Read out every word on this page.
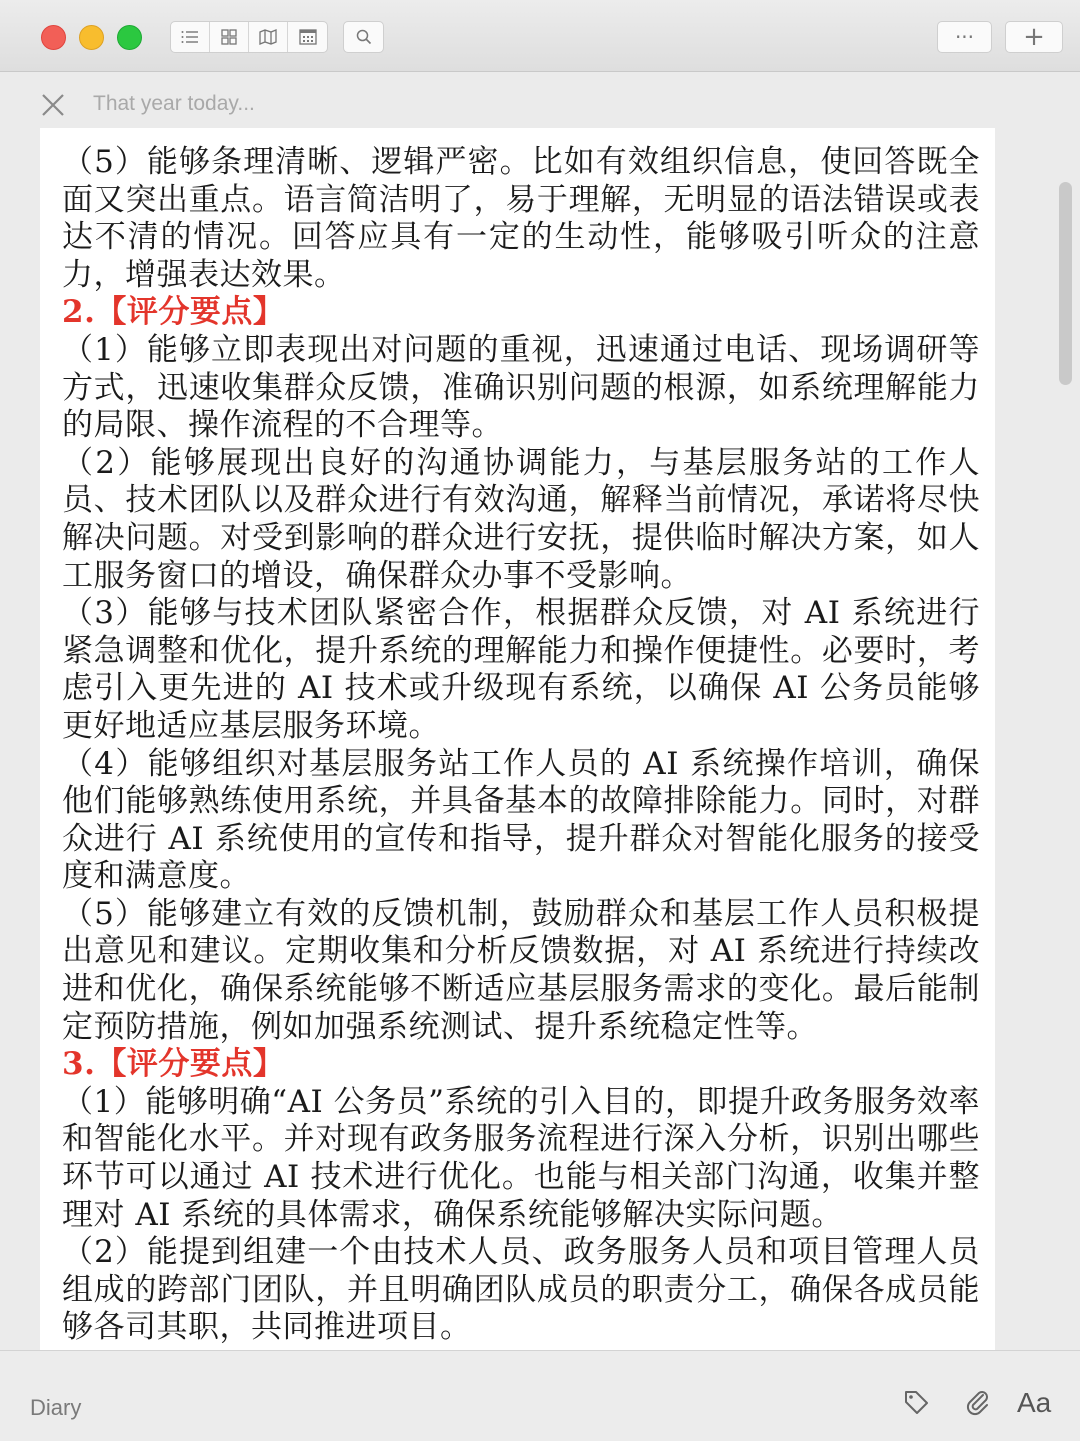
··· +
That year today...

（5）能够条理清晰、逻辑严密。比如有效组织信息，使回答既全面又突出重点。语言简洁明了，易于理解，无明显的语法错误或表达不清的情况。回答应具有一定的生动性，能够吸引听众的注意力，增强表达效果。

2.【评分要点】

（1）能够立即表现出对问题的重视，迅速通过电话、现场调研等方式，迅速收集群众反馈，准确识别问题的根源，如系统理解能力的局限、操作流程的不合理等。

（2）能够展现出良好的沟通协调能力，与基层服务站的工作人员、技术团队以及群众进行有效沟通，解释当前情况，承诺将尽快解决问题。对受到影响的群众进行安抚，提供临时解决方案，如人工服务窗口的增设，确保群众办事不受影响。

（3）能够与技术团队紧密合作，根据群众反馈，对 AI 系统进行紧急调整和优化，提升系统的理解能力和操作便捷性。必要时，考虑引入更先进的 AI 技术或升级现有系统，以确保 AI 公务员能够更好地适应基层服务环境。

（4）能够组织对基层服务站工作人员的 AI 系统操作培训，确保他们能够熟练使用系统，并具备基本的故障排除能力。同时，对群众进行 AI 系统使用的宣传和指导，提升群众对智能化服务的接受度和满意度。

（5）能够建立有效的反馈机制，鼓励群众和基层工作人员积极提出意见和建议。定期收集和分析反馈数据，对 AI 系统进行持续改进和优化，确保系统能够不断适应基层服务需求的变化。最后能制定预防措施，例如加强系统测试、提升系统稳定性等。

3.【评分要点】

（1）能够明确“AI 公务员”系统的引入目的，即提升政务服务效率和智能化水平。并对现有政务服务流程进行深入分析，识别出哪些环节可以通过 AI 技术进行优化。也能与相关部门沟通，收集并整理对 AI 系统的具体需求，确保系统能够解决实际问题。

（2）能提到组建一个由技术人员、政务服务人员和项目管理人员组成的跨部门团队，并且明确团队成员的职责分工，确保各成员能够各司其职，共同推进项目。

Diary	Aa
